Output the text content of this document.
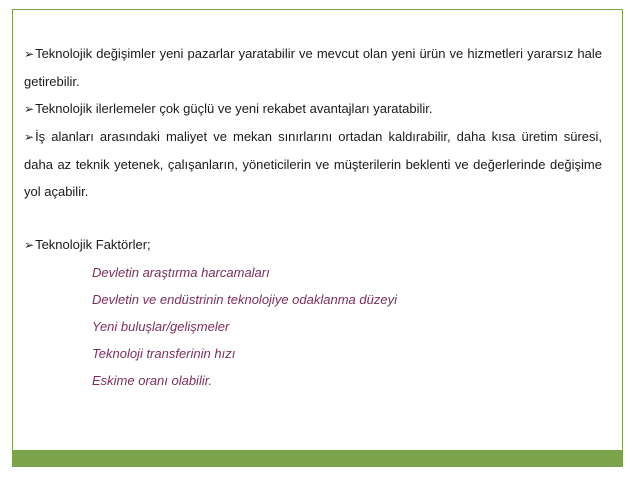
➢Teknolojik değişimler yeni pazarlar yaratabilir ve mevcut olan yeni ürün ve hizmetleri yararsız hale getirebilir.

➢Teknolojik ilerlemeler çok güçlü ve yeni rekabet avantajları yaratabilir.

➢İş alanları arasındaki maliyet ve mekan sınırlarını ortadan kaldırabilir, daha kısa üretim süresi, daha az teknik yetenek, çalışanların, yöneticilerin ve müşterilerin beklenti ve değerlerinde değişime yol açabilir.

➢Teknolojik Faktörler;

Devletin araştırma harcamaları

Devletin ve endüstrinin teknolojiye odaklanma düzeyi

Yeni buluşlar/gelişmeler

Teknoloji transferinin hızı

Eskime oranı olabilir.
